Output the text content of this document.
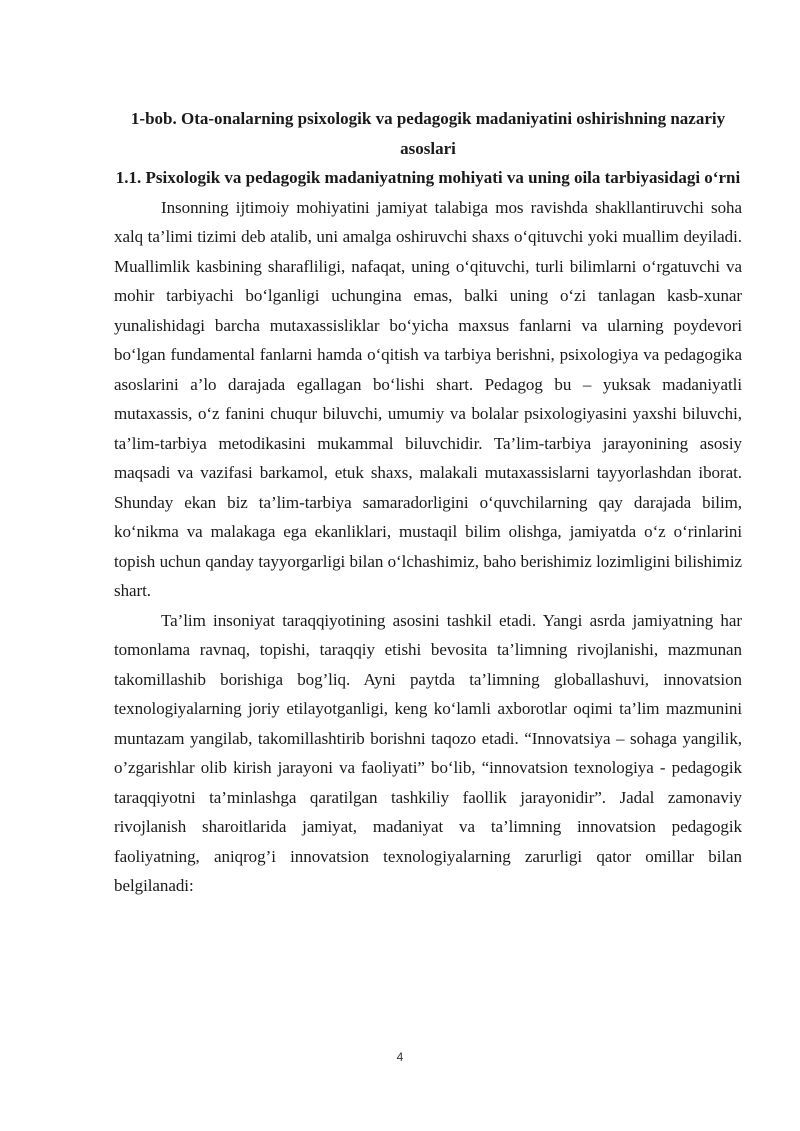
1-bob. Ota-onalarning psixologik va pedagogik madaniyatini oshirishning nazariy asoslari

1.1. Psixologik va pedagogik madaniyatning mohiyati va uning oila tarbiyasidagi o‘rni

Insonning ijtimoiy mohiyatini jamiyat talabiga mos ravishda shakllantiruvchi soha xalq ta’limi tizimi deb atalib, uni amalga oshiruvchi shaxs o‘qituvchi yoki muallim deyiladi. Muallimlik kasbining sharafliligi, nafaqat, uning o‘qituvchi, turli bilimlarni o‘rgatuvchi va mohir tarbiyachi bo‘lganligi uchungina emas, balki uning o‘zi tanlagan kasb-xunar yunalishidagi barcha mutaxassisliklar bo‘yicha maxsus fanlarni va ularning poydevori bo‘lgan fundamental fanlarni hamda o‘qitish va tarbiya berishni, psixologiya va pedagogika asoslarini a’lo darajada egallagan bo‘lishi shart. Pedagog bu – yuksak madaniyatli mutaxassis, o‘z fanini chuqur biluvchi, umumiy va bolalar psixologiyasini yaxshi biluvchi, ta’lim-tarbiya metodikasini mukammal biluvchidir. Ta’lim-tarbiya jarayonining asosiy maqsadi va vazifasi barkamol, etuk shaxs, malakali mutaxassislarni tayyorlashdan iborat. Shunday ekan biz ta’lim-tarbiya samaradorligini o‘quvchilarning qay darajada bilim, ko‘nikma va malakaga ega ekanliklari, mustaqil bilim olishga, jamiyatda o‘z o‘rinlarini topish uchun qanday tayyorgarligi bilan o‘lchashimiz, baho berishimiz lozimligini bilishimiz shart.

Ta’lim insoniyat taraqqiyotining asosini tashkil etadi. Yangi asrda jamiyatning har tomonlama ravnaq, topishi, taraqqiy etishi bevosita ta’limning rivojlanishi, mazmunan takomillashib borishiga bog’liq. Ayni paytda ta’limning globallashuvi, innovatsion texnologiyalarning joriy etilayotganligi, keng ko‘lamli axborotlar oqimi ta’lim mazmunini muntazam yangilab, takomillashtirib borishni taqozo etadi. “Innovatsiya – sohaga yangilik, o’zgarishlar olib kirish jarayoni va faoliyati” bo‘lib, “innovatsion texnologiya - pedagogik taraqqiyotni ta’minlashga qaratilgan tashkiliy faollik jarayonidir”. Jadal zamonaviy rivojlanish sharoitlarida jamiyat, madaniyat va ta’limning innovatsion pedagogik faoliyatning, aniqrog’i innovatsion texnologiyalarning zarurligi qator omillar bilan belgilanadi:

4
